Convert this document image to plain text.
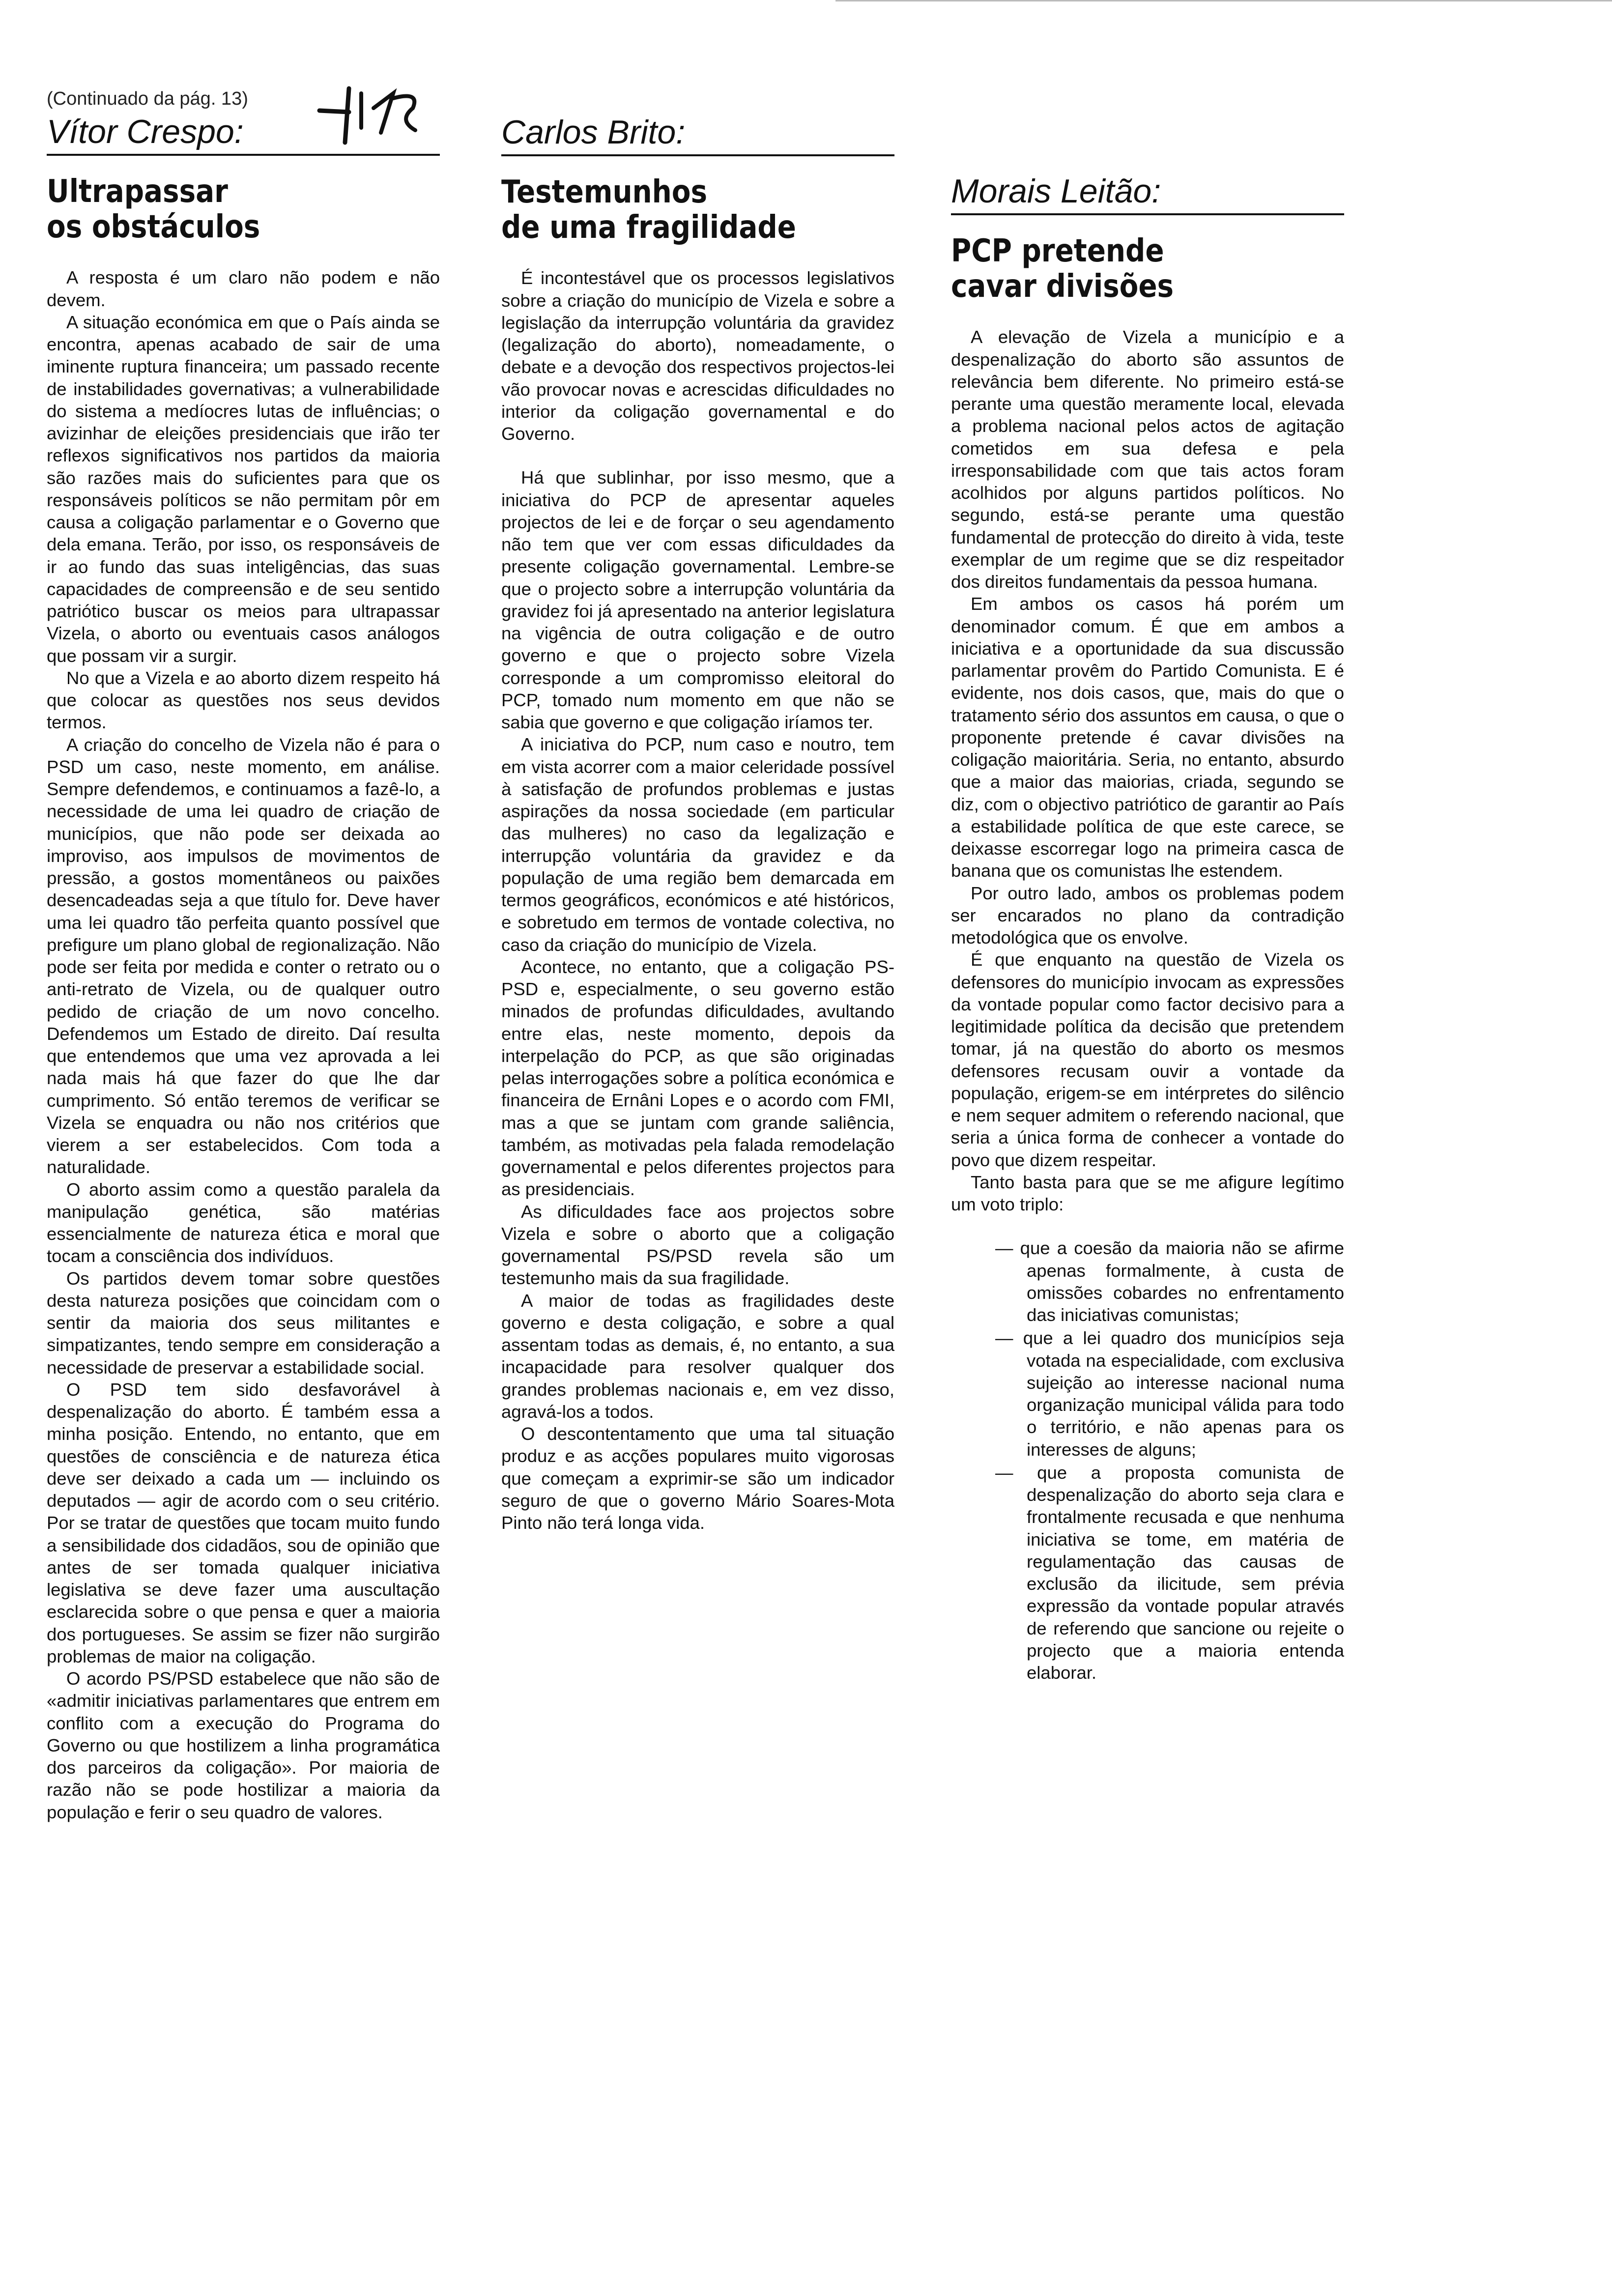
(Continuado da pág. 13)
Vítor Crespo:
Ultrapassar
os obstáculos

A resposta é um claro não podem e não devem.

A situação económica em que o País ainda se encontra, apenas acabado de sair de uma iminente ruptura financeira; um passado recente de instabilidades governativas; a vulnerabilidade do sistema a medíocres lutas de influências; o avizinhar de eleições presidenciais que irão ter reflexos significativos nos partidos da maioria são razões mais do suficientes para que os responsáveis políticos se não permitam pôr em causa a coligação parlamentar e o Governo que dela emana. Terão, por isso, os responsáveis de ir ao fundo das suas inteligências, das suas capacidades de compreensão e de seu sentido patriótico buscar os meios para ultrapassar Vizela, o aborto ou eventuais casos análogos que possam vir a surgir.

No que a Vizela e ao aborto dizem respeito há que colocar as questões nos seus devidos termos.

A criação do concelho de Vizela não é para o PSD um caso, neste momento, em análise. Sempre defendemos, e continuamos a fazê-lo, a necessidade de uma lei quadro de criação de municípios, que não pode ser deixada ao improviso, aos impulsos de movimentos de pressão, a gostos momentâneos ou paixões desencadeadas seja a que título for. Deve haver uma lei quadro tão perfeita quanto possível que prefigure um plano global de regionalização. Não pode ser feita por medida e conter o retrato ou o anti-retrato de Vizela, ou de qualquer outro pedido de criação de um novo concelho. Defendemos um Estado de direito. Daí resulta que entendemos que uma vez aprovada a lei nada mais há que fazer do que lhe dar cumprimento. Só então teremos de verificar se Vizela se enquadra ou não nos critérios que vierem a ser estabelecidos. Com toda a naturalidade.

O aborto assim como a questão paralela da manipulação genética, são matérias essencialmente de natureza ética e moral que tocam a consciência dos indivíduos.

Os partidos devem tomar sobre questões desta natureza posições que coincidam com o sentir da maioria dos seus militantes e simpatizantes, tendo sempre em consideração a necessidade de preservar a estabilidade social.

O PSD tem sido desfavorável à despenalização do aborto. É também essa a minha posição. Entendo, no entanto, que em questões de consciência e de natureza ética deve ser deixado a cada um — incluindo os deputados — agir de acordo com o seu critério. Por se tratar de questões que tocam muito fundo a sensibilidade dos cidadãos, sou de opinião que antes de ser tomada qualquer iniciativa legislativa se deve fazer uma auscultação esclarecida sobre o que pensa e quer a maioria dos portugueses. Se assim se fizer não surgirão problemas de maior na coligação.

O acordo PS/PSD estabelece que não são de «admitir iniciativas parlamentares que entrem em conflito com a execução do Programa do Governo ou que hostilizem a linha programática dos parceiros da coligação». Por maioria de razão não se pode hostilizar a maioria da população e ferir o seu quadro de valores.

Carlos Brito:
Testemunhos
de uma fragilidade

É incontestável que os processos legislativos sobre a criação do município de Vizela e sobre a legislação da interrupção voluntária da gravidez (legalização do aborto), nomeadamente, o debate e a devoção dos respectivos projectos-lei vão provocar novas e acrescidas dificuldades no interior da coligação governamental e do Governo.

Há que sublinhar, por isso mesmo, que a iniciativa do PCP de apresentar aqueles projectos de lei e de forçar o seu agendamento não tem que ver com essas dificuldades da presente coligação governamental. Lembre-se que o projecto sobre a interrupção voluntária da gravidez foi já apresentado na anterior legislatura na vigência de outra coligação e de outro governo e que o projecto sobre Vizela corresponde a um compromisso eleitoral do PCP, tomado num momento em que não se sabia que governo e que coligação iríamos ter.

A iniciativa do PCP, num caso e noutro, tem em vista acorrer com a maior celeridade possível à satisfação de profundos problemas e justas aspirações da nossa sociedade (em particular das mulheres) no caso da legalização e interrupção voluntária da gravidez e da população de uma região bem demarcada em termos geográficos, económicos e até históricos, e sobretudo em termos de vontade colectiva, no caso da criação do município de Vizela.

Acontece, no entanto, que a coligação PS-PSD e, especialmente, o seu governo estão minados de profundas dificuldades, avultando entre elas, neste momento, depois da interpelação do PCP, as que são originadas pelas interrogações sobre a política económica e financeira de Ernâni Lopes e o acordo com FMI, mas a que se juntam com grande saliência, também, as motivadas pela falada remodelação governamental e pelos diferentes projectos para as presidenciais.

As dificuldades face aos projectos sobre Vizela e sobre o aborto que a coligação governamental PS/PSD revela são um testemunho mais da sua fragilidade.

A maior de todas as fragilidades deste governo e desta coligação, e sobre a qual assentam todas as demais, é, no entanto, a sua incapacidade para resolver qualquer dos grandes problemas nacionais e, em vez disso, agravá-los a todos.

O descontentamento que uma tal situação produz e as acções populares muito vigorosas que começam a exprimir-se são um indicador seguro de que o governo Mário Soares-Mota Pinto não terá longa vida.

Morais Leitão:
PCP pretende
cavar divisões

A elevação de Vizela a município e a despenalização do aborto são assuntos de relevância bem diferente. No primeiro está-se perante uma questão meramente local, elevada a problema nacional pelos actos de agitação cometidos em sua defesa e pela irresponsabilidade com que tais actos foram acolhidos por alguns partidos políticos. No segundo, está-se perante uma questão fundamental de protecção do direito à vida, teste exemplar de um regime que se diz respeitador dos direitos fundamentais da pessoa humana.

Em ambos os casos há porém um denominador comum. É que em ambos a iniciativa e a oportunidade da sua discussão parlamentar provêm do Partido Comunista. E é evidente, nos dois casos, que, mais do que o tratamento sério dos assuntos em causa, o que o proponente pretende é cavar divisões na coligação maioritária. Seria, no entanto, absurdo que a maior das maiorias, criada, segundo se diz, com o objectivo patriótico de garantir ao País a estabilidade política de que este carece, se deixasse escorregar logo na primeira casca de banana que os comunistas lhe estendem.

Por outro lado, ambos os problemas podem ser encarados no plano da contradição metodológica que os envolve.

É que enquanto na questão de Vizela os defensores do município invocam as expressões da vontade popular como factor decisivo para a legitimidade política da decisão que pretendem tomar, já na questão do aborto os mesmos defensores recusam ouvir a vontade da população, erigem-se em intérpretes do silêncio e nem sequer admitem o referendo nacional, que seria a única forma de conhecer a vontade do povo que dizem respeitar.

Tanto basta para que se me afigure legítimo um voto triplo:

— que a coesão da maioria não se afirme apenas formalmente, à custa de omissões cobardes no enfrentamento das iniciativas comunistas;
— que a lei quadro dos municípios seja votada na especialidade, com exclusiva sujeição ao interesse nacional numa organização municipal válida para todo o território, e não apenas para os interesses de alguns;
— que a proposta comunista de despenalização do aborto seja clara e frontalmente recusada e que nenhuma iniciativa se tome, em matéria de regulamentação das causas de exclusão da ilicitude, sem prévia expressão da vontade popular através de referendo que sancione ou rejeite o projecto que a maioria entenda elaborar.
